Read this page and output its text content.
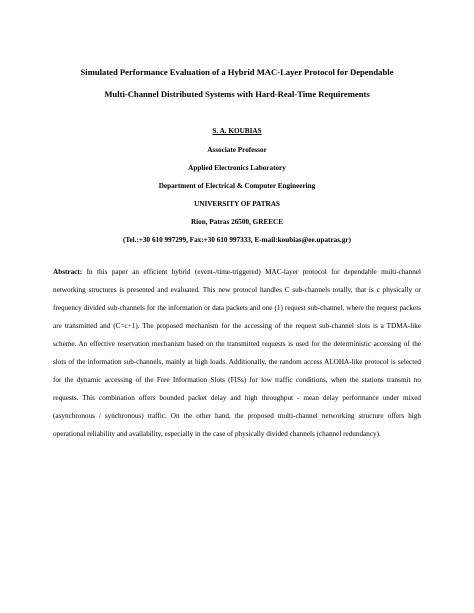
Simulated Performance Evaluation of a Hybrid MAC-Layer Protocol for Dependable
Multi-Channel Distributed Systems with Hard-Real-Time Requirements
S. A. KOUBIAS
Associate Professor
Applied Electronics Laboratory
Department of Electrical & Computer Engineering
UNIVERSITY OF PATRAS
Rion, Patras 26500, GREECE
(Tel.:+30 610 997299, Fax:+30 610 997333, E-mail:koubias@ee.upatras.gr)
Abstract: In this paper an efficient hybrid (event-/time-triggered) MAC-layer protocol for dependable multi-channel networking structures is presented and evaluated. This new protocol handles C sub-channels totally, that is c physically or frequency divided sub-channels for the information or data packets and one (1) request sub-channel, where the request packets are transmitted and (C=c+1). The proposed mechanism for the accessing of the request sub-channel slots is a TDMA-like scheme. An effective reservation mechanism based on the transmitted requests is used for the deterministic accessing of the slots of the information sub-channels, mainly at high loads. Additionally, the random access ALOHA-like protocol is selected for the dynamic accessing of the Free Information Slots (FISs) for low traffic conditions, when the stations transmit no requests. This combination offers bounded packet delay and high throughput - mean delay performance under mixed (asynchronous / synchronous) traffic. On the other hand, the proposed multi-channel networking structure offers high operational reliability and availability, especially in the case of physically divided channels (channel redundancy).
